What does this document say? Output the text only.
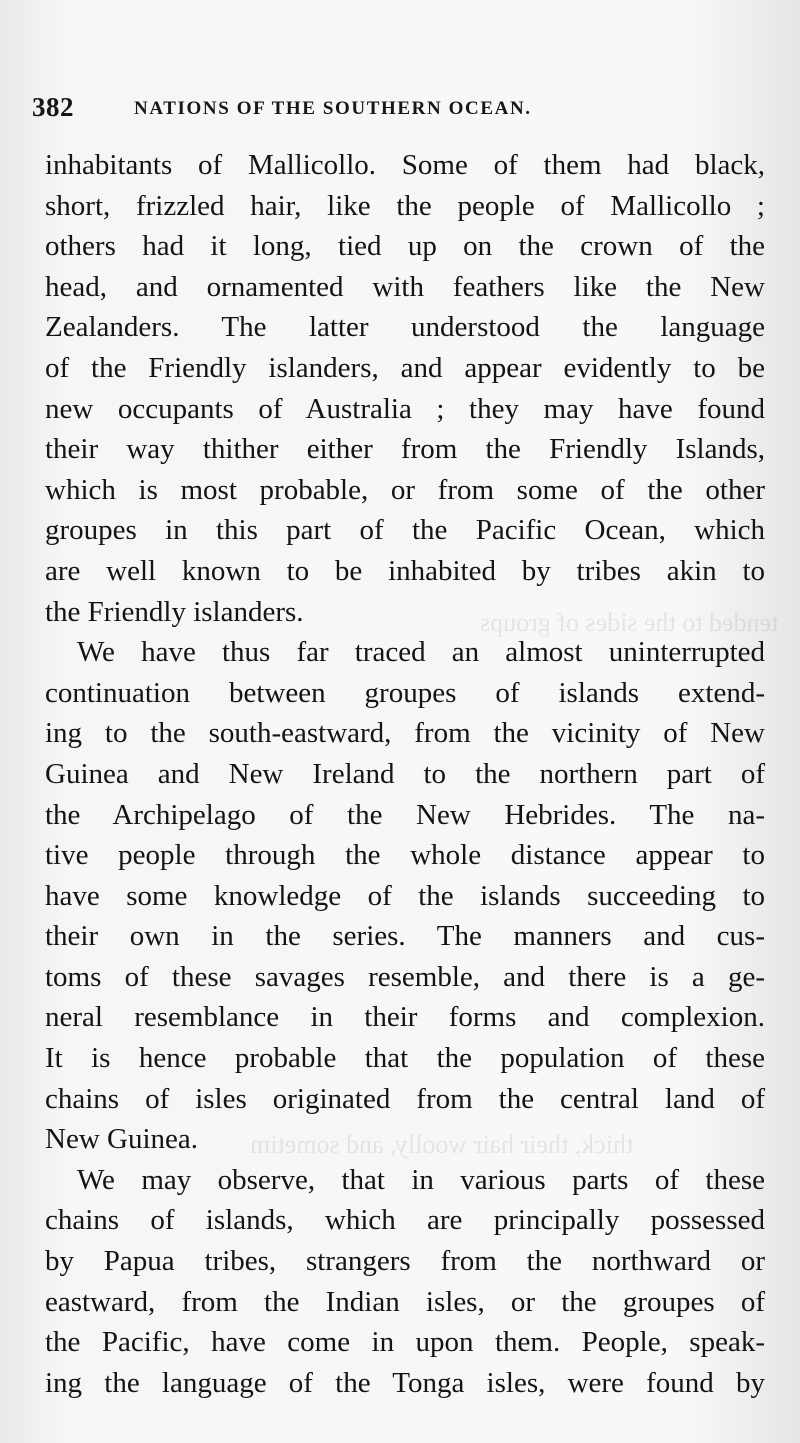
tended to the sides of groups
thick, their hair woolly, and sometim
382	NATIONS OF THE SOUTHERN OCEAN.
inhabitants of Mallicollo. Some of them had black,
short, frizzled hair, like the people of Mallicollo ;
others had it long, tied up on the crown of the
head, and ornamented with feathers like the New
Zealanders. The latter understood the language
of the Friendly islanders, and appear evidently to be
new occupants of Australia ; they may have found
their way thither either from the Friendly Islands,
which is most probable, or from some of the other
groupes in this part of the Pacific Ocean, which
are well known to be inhabited by tribes akin to
the Friendly islanders.
We have thus far traced an almost uninterrupted
continuation between groupes of islands extend-
ing to the south-eastward, from the vicinity of New
Guinea and New Ireland to the northern part of
the Archipelago of the New Hebrides. The na-
tive people through the whole distance appear to
have some knowledge of the islands succeeding to
their own in the series. The manners and cus-
toms of these savages resemble, and there is a ge-
neral resemblance in their forms and complexion.
It is hence probable that the population of these
chains of isles originated from the central land of
New Guinea.
We may observe, that in various parts of these
chains of islands, which are principally possessed
by Papua tribes, strangers from the northward or
eastward, from the Indian isles, or the groupes of
the Pacific, have come in upon them. People, speak-
ing the language of the Tonga isles, were found by
